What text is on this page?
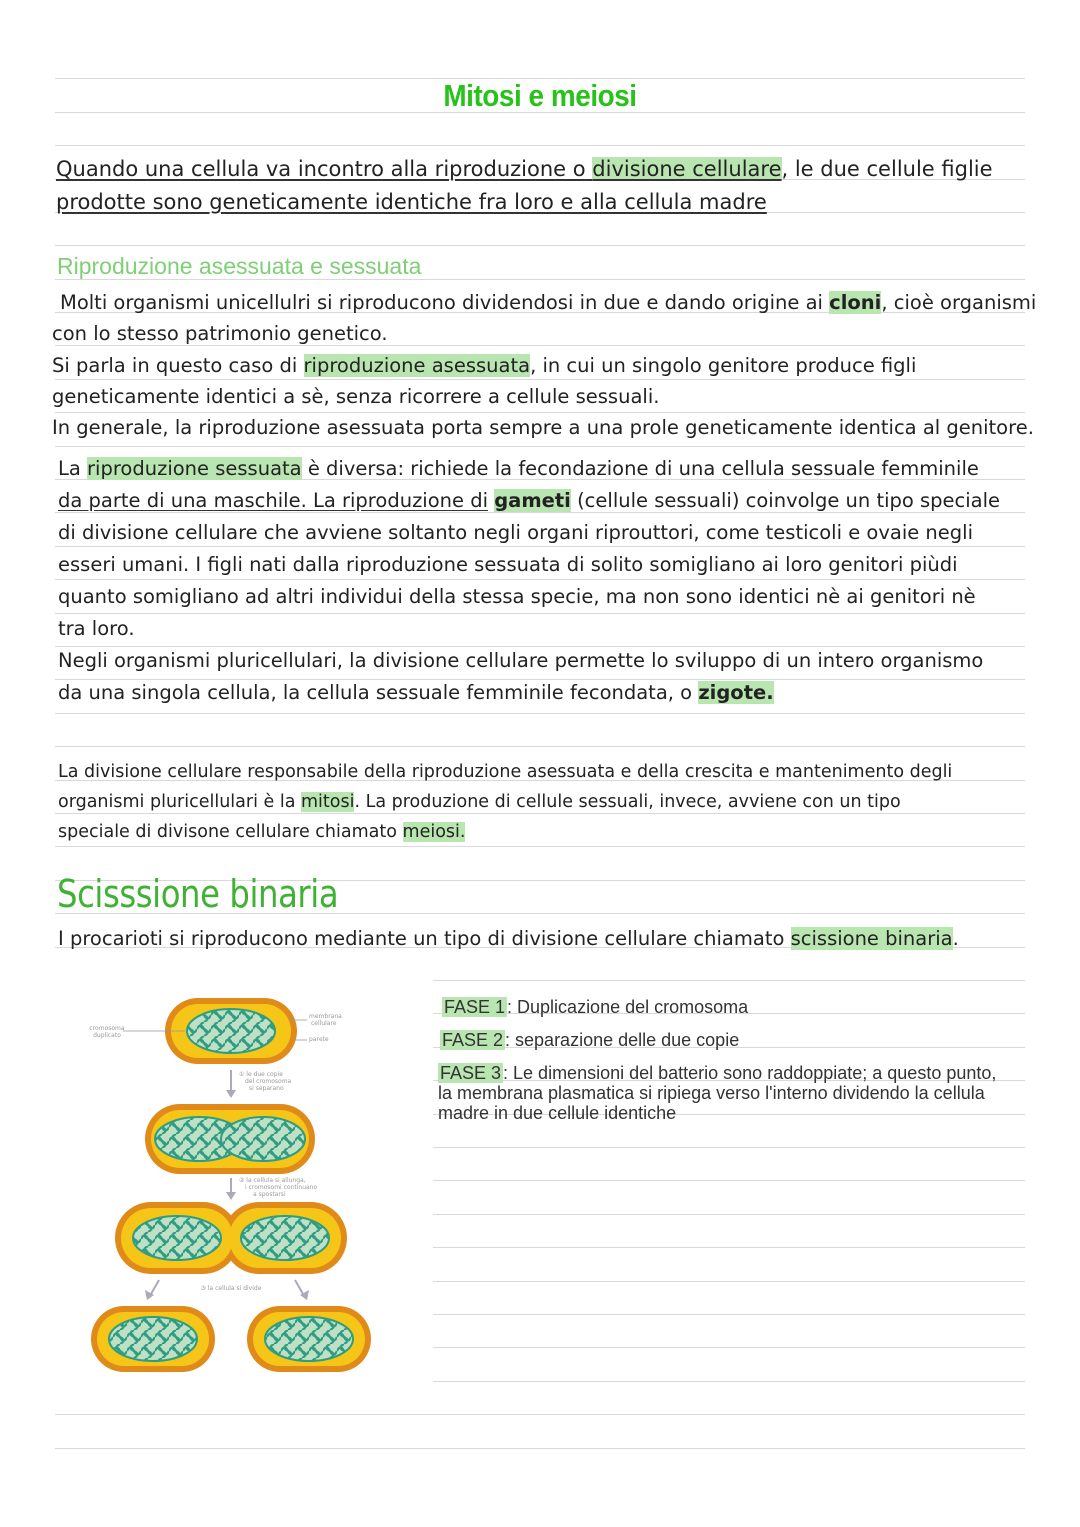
Mitosi e meiosi
Quando una cellula va incontro alla riproduzione o divisione cellulare, le due cellule figlie
prodotte sono geneticamente identiche fra loro e alla cellula madre
Riproduzione asessuata e sessuata
Molti organismi unicellulri si riproducono dividendosi in due e dando origine ai cloni, cioè organismi
con lo stesso patrimonio genetico.
Si parla in questo caso di riproduzione asessuata, in cui un singolo genitore produce figli
geneticamente identici a sè, senza ricorrere a cellule sessuali.
In generale, la riproduzione asessuata porta sempre a una prole geneticamente identica al genitore.
La riproduzione sessuata è diversa: richiede la fecondazione di una cellula sessuale femminile
da parte di una maschile. La riproduzione di gameti (cellule sessuali) coinvolge un tipo speciale
di divisione cellulare che avviene soltanto negli organi riprouttori, come testicoli e ovaie negli
esseri umani. I figli nati dalla riproduzione sessuata di solito somigliano ai loro genitori piùdi
quanto somigliano ad altri individui della stessa specie, ma non sono identici nè ai genitori nè
tra loro.
Negli organismi pluricellulari, la divisione cellulare permette lo sviluppo di un intero organismo
da una singola cellula, la cellula sessuale femminile fecondata, o zigote.
La divisione cellulare responsabile della riproduzione asessuata e della crescita e mantenimento degli
organismi pluricellulari è la mitosi. La produzione di cellule sessuali, invece, avviene con un tipo
speciale di divisone cellulare chiamato meiosi.
Scisssione binaria
I procarioti si riproducono mediante un tipo di divisione cellulare chiamato scissione binaria.
cromosoma duplicato
membrana cellulare
parete
① le due copie del cromosoma si separano
② la cellula si allunga, i cromosomi continuano a spostarsi
③ la cellula si divide
FASE 1 : Duplicazione del cromosoma
FASE 2 : separazione delle due copie
FASE 3 : Le dimensioni del batterio sono raddoppiate; a questo punto,
la membrana plasmatica si ripiega verso l'interno dividendo la cellula
madre in due cellule identiche
